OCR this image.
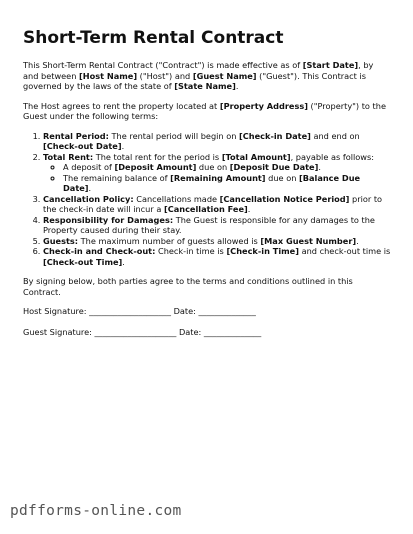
Short-Term Rental Contract

This Short-Term Rental Contract ("Contract") is made effective as of [Start Date], by and between [Host Name] ("Host") and [Guest Name] ("Guest"). This Contract is governed by the laws of the state of [State Name].

The Host agrees to rent the property located at [Property Address] ("Property") to the Guest under the following terms:

1. Rental Period: The rental period will begin on [Check-in Date] and end on [Check-out Date].
2. Total Rent: The total rent for the period is [Total Amount], payable as follows:
◦ A deposit of [Deposit Amount] due on [Deposit Due Date].
◦ The remaining balance of [Remaining Amount] due on [Balance Due Date].
3. Cancellation Policy: Cancellations made [Cancellation Notice Period] prior to the check-in date will incur a [Cancellation Fee].
4. Responsibility for Damages: The Guest is responsible for any damages to the Property caused during their stay.
5. Guests: The maximum number of guests allowed is [Max Guest Number].
6. Check-in and Check-out: Check-in time is [Check-in Time] and check-out time is [Check-out Time].

By signing below, both parties agree to the terms and conditions outlined in this Contract.

Host Signature: ____________________ Date: ______________
Guest Signature: ____________________ Date: ______________
pdfforms-online.com
